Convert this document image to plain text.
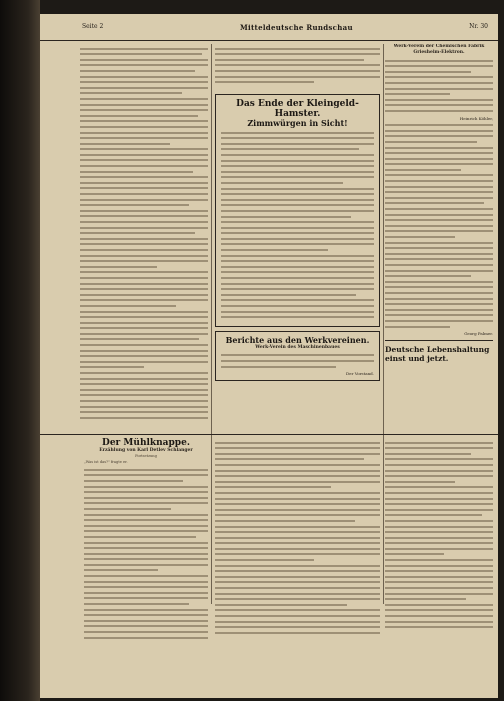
Seite 2	Mitteldeutsche Rundschau	Nr. 30
Das Ende der Kleingeld-Hamster.
Zimmwürgen in Sicht!
Berichte aus den Werkvereinen.
Werk-Verein des Maschinenbaues
Der Vorstand.
Werk-Verein der Chemischen Fabrik
Griesheim-Elektron.
Heinrich Köhler,
Georg Palmer.
Deutsche Lebenshaltung einst und jetzt.
Der Mühlknappe.
Erzählung von Karl Detlev Schlanger
Fortsetzung
„Was ist das?" fragte er.
